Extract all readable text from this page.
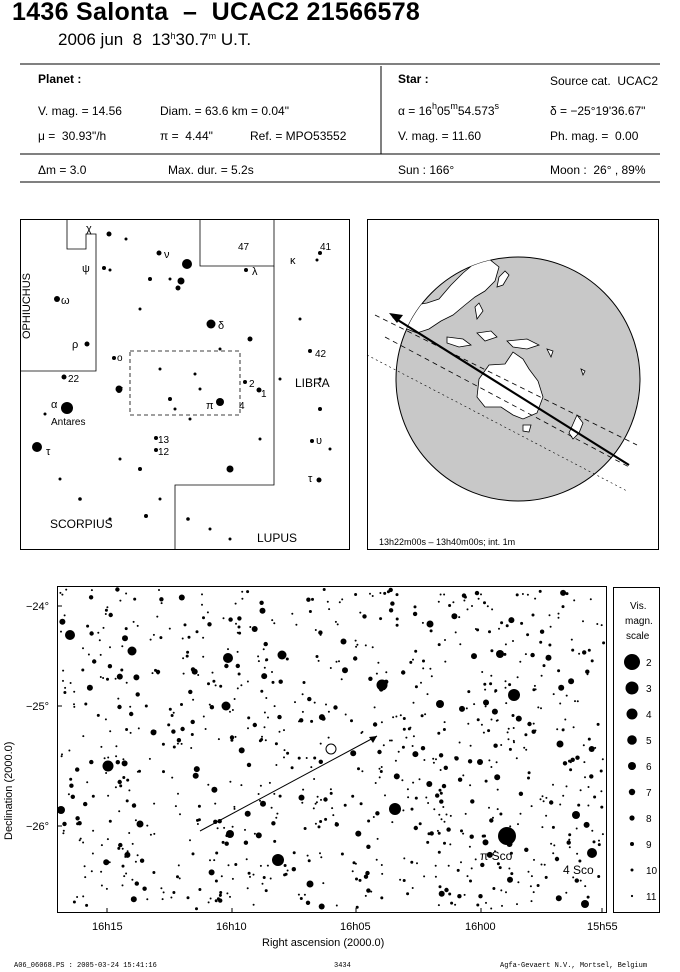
1436 Salonta  –  UCAC2 21566578
2006 jun  8  13$^h$30.7$^m$ U.T.
Planet :
V. mag. = 14.56	Diam. = 63.6 km = 0.04"
μ =  30.93"/h	π =  4.44"	Ref. = MPO53552
Star :	Source cat.  UCAC2
$\alpha = 16^h05^m54.573^s$	δ = −25°19'36.67"
V. mag. = 11.60	Ph. mag. =  0.00
Δm = 3.0	Max. dur. = 5.2s	Sun : 166°	Moon :  26° , 89%
OPHIUCHUS
LIBRA
SCORPIUS
LUPUS
χ
ψ
ν
47
λ
κ
41
ω
δ
42
ρ
o
22
σ	2
1
α
Antares
π	4
υ
13
12
τ
τ
13h22m00s – 13h40m00s; int. 1m
−24°
−25°
−26°
16h15	16h10	16h05	16h00	15h55
Right ascension (2000.0)
Declination (2000.0)
π Sco
4 Sco
Vis.
magn.
scale
2
3
4
5
6
7
8
9
10
11
A06_06068.PS : 2005-03-24 15:41:16	3434	Agfa-Gevaert N.V., Mortsel, Belgium
